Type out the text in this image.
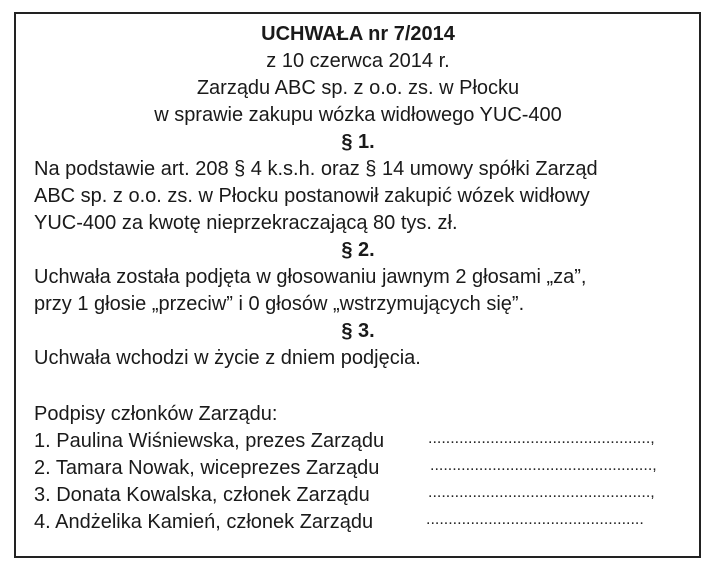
UCHWAŁA nr 7/2014
z 10 czerwca 2014 r.
Zarządu ABC sp. z o.o. zs. w Płocku
w sprawie zakupu wózka widłowego YUC-400
§ 1.
Na podstawie art. 208 § 4 k.s.h. oraz § 14 umowy spółki Zarząd
ABC sp. z o.o. zs. w Płocku postanowił zakupić wózek widłowy
YUC-400 za kwotę nieprzekraczającą 80 tys. zł.
§ 2.
Uchwała została podjęta w głosowaniu jawnym 2 głosami „za”,
przy 1 głosie „przeciw” i 0 głosów „wstrzymujących się”.
§ 3.
Uchwała wchodzi w życie z dniem podjęcia.
Podpisy członków Zarządu:
1. Paulina Wiśniewska, prezes Zarządu	..................................................,
2. Tamara Nowak, wiceprezes Zarządu	..................................................,
3. Donata Kowalska, członek Zarządu	..................................................,
4. Andżelika Kamień, członek Zarządu	.................................................
